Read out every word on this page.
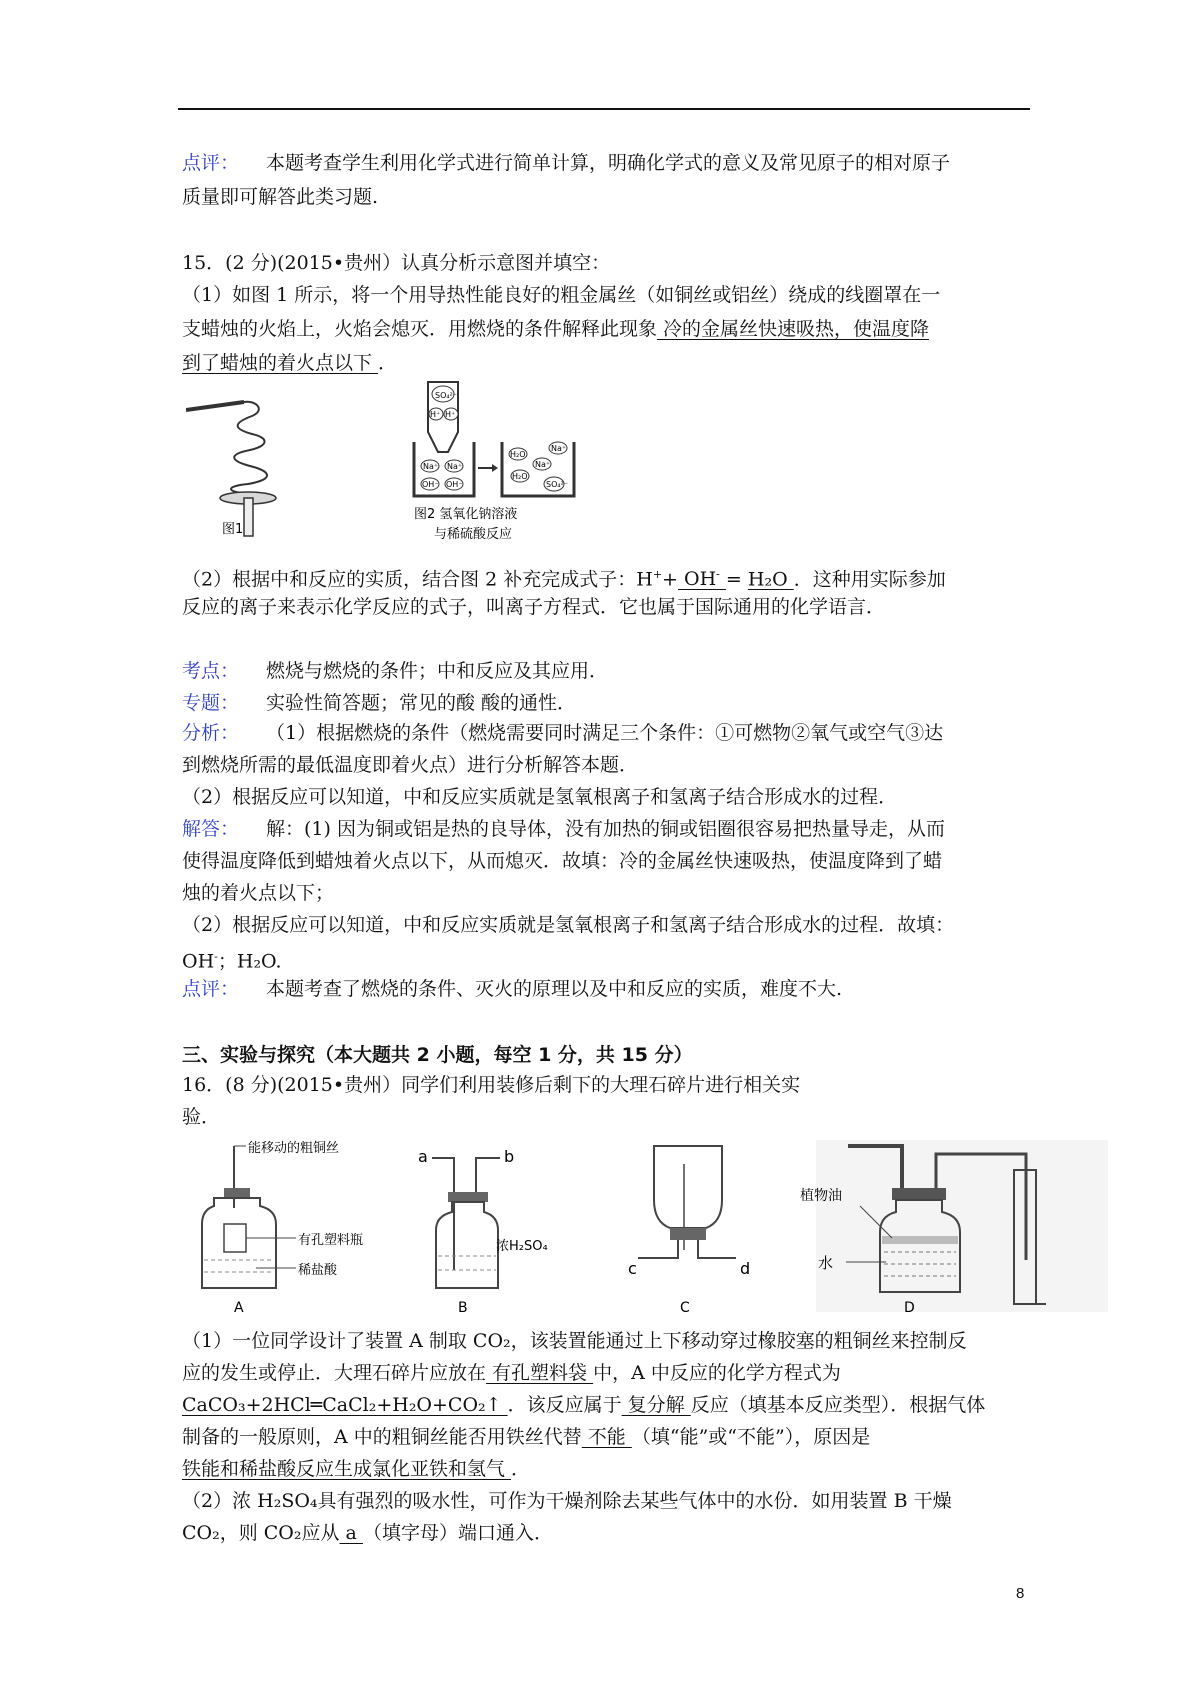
点评： 本题考查学生利用化学式进行简单计算，明确化学式的意义及常见原子的相对原子
质量即可解答此类习题.
15．(2 分)(2015•贵州）认真分析示意图并填空：
（1）如图 1 所示，将一个用导热性能良好的粗金属丝（如铜丝或铝丝）绕成的线圈罩在一
支蜡烛的火焰上，火焰会熄灭．用燃烧的条件解释此现象 冷的金属丝快速吸热，使温度降
到了蜡烛的着火点以下 ．
图1
SO₄²⁻
H⁺ H⁺
Na⁺ Na⁺
OH⁻ OH⁻
H₂O
H₂O
Na⁺
Na⁺
SO₄²⁻
图2 氢氧化钠溶液
与稀硫酸反应
（2）根据中和反应的实质，结合图 2 补充完成式子：H++ OH- = H₂O ．这种用实际参加
反应的离子来表示化学反应的式子，叫离子方程式．它也属于国际通用的化学语言．
考点： 燃烧与燃烧的条件；中和反应及其应用．
专题： 实验性简答题；常见的酸 酸的通性．
分析： （1）根据燃烧的条件（燃烧需要同时满足三个条件：①可燃物②氧气或空气③达
到燃烧所需的最低温度即着火点）进行分析解答本题．
（2）根据反应可以知道，中和反应实质就是氢氧根离子和氢离子结合形成水的过程．
解答： 解：(1) 因为铜或铝是热的良导体，没有加热的铜或铝圈很容易把热量导走，从而
使得温度降低到蜡烛着火点以下，从而熄灭．故填：冷的金属丝快速吸热，使温度降到了蜡
烛的着火点以下；
（2）根据反应可以知道，中和反应实质就是氢氧根离子和氢离子结合形成水的过程．故填：
OH-；H₂O.
点评： 本题考查了燃烧的条件、灭火的原理以及中和反应的实质，难度不大.
三、实验与探究（本大题共 2 小题，每空 1 分，共 15 分）
16．(8 分)(2015•贵州）同学们利用装修后剩下的大理石碎片进行相关实
验．
能移动的粗铜丝
有孔塑料瓶
稀盐酸
A
a	b
浓H₂SO₄
B
c	d
C
植物油
水
D
（1）一位同学设计了装置 A 制取 CO₂，该装置能通过上下移动穿过橡胶塞的粗铜丝来控制反
应的发生或停止．大理石碎片应放在 有孔塑料袋 中，A 中反应的化学方程式为
CaCO₃+2HCl═CaCl₂+H₂O+CO₂↑ ．该反应属于 复分解 反应（填基本反应类型）．根据气体
制备的一般原则，A 中的粗铜丝能否用铁丝代替 不能 （填“能”或“不能”），原因是
铁能和稀盐酸反应生成氯化亚铁和氢气 ．
（2）浓 H₂SO₄具有强烈的吸水性，可作为干燥剂除去某些气体中的水份．如用装置 B 干燥
CO₂，则 CO₂应从 a （填字母）端口通入．
8
